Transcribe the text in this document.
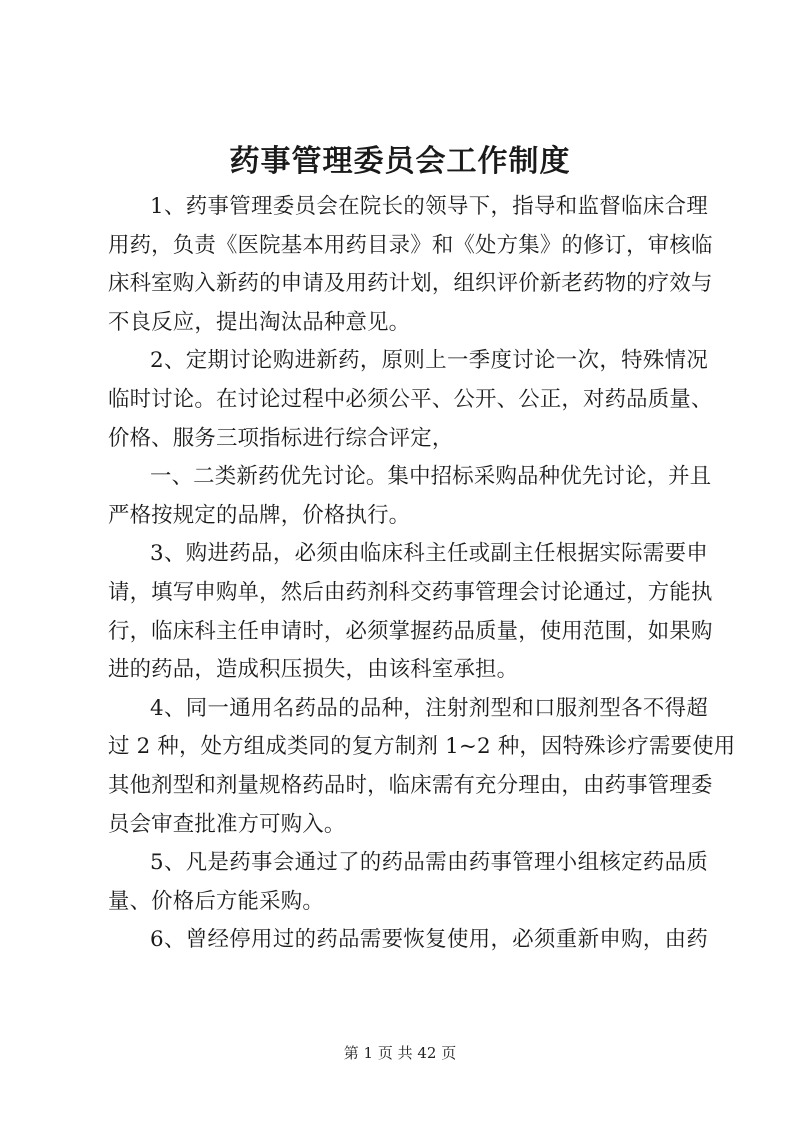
药事管理委员会工作制度
1、药事管理委员会在院长的领导下，指导和监督临床合理
用药，负责《医院基本用药目录》和《处方集》的修订，审核临
床科室购入新药的申请及用药计划，组织评价新老药物的疗效与
不良反应，提出淘汰品种意见。
2、定期讨论购进新药，原则上一季度讨论一次，特殊情况
临时讨论。在讨论过程中必须公平、公开、公正，对药品质量、
价格、服务三项指标进行综合评定，
一、二类新药优先讨论。集中招标采购品种优先讨论，并且
严格按规定的品牌，价格执行。
3、购进药品，必须由临床科主任或副主任根据实际需要申
请，填写申购单，然后由药剂科交药事管理会讨论通过，方能执
行，临床科主任申请时，必须掌握药品质量，使用范围，如果购
进的药品，造成积压损失，由该科室承担。
4、同一通用名药品的品种，注射剂型和口服剂型各不得超
过 2 种，处方组成类同的复方制剂 1~2 种，因特殊诊疗需要使用
其他剂型和剂量规格药品时，临床需有充分理由，由药事管理委
员会审查批准方可购入。
5、凡是药事会通过了的药品需由药事管理小组核定药品质
量、价格后方能采购。
6、曾经停用过的药品需要恢复使用，必须重新申购，由药
第 1 页 共 42 页
